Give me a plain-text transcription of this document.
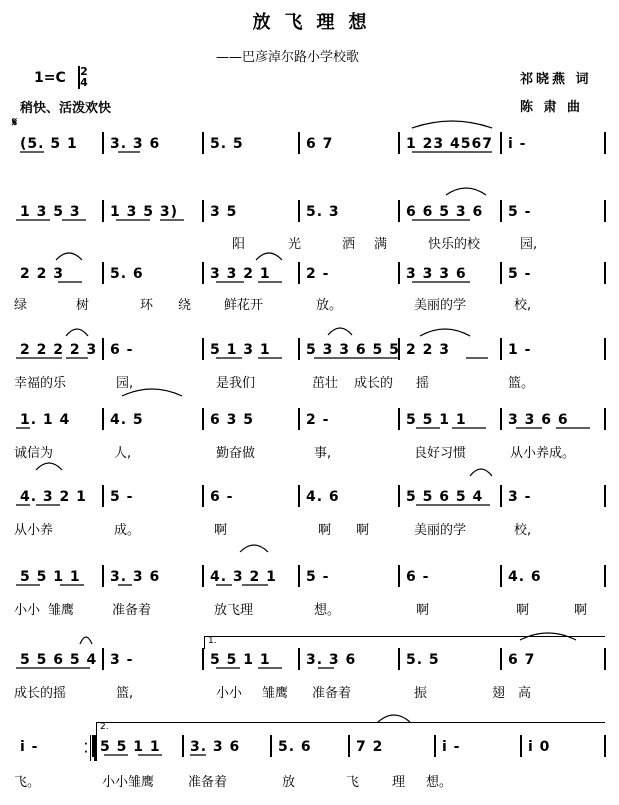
放飞理想
——巴彦淖尔路小学校歌
1=C 2
4
稍快、活泼欢快
祁晓燕 词
陈 肃 曲
𝄋
(5. 5 1 3. 3 6	5. 5	6 7	1 23 4567 i -
1 3 5 3 1 3 5 3) 3 5	5. 3	6 6 5 3 6 5 -
阳	光	洒 满	快乐的校	园,
2 2 3	5. 6	3 3 2 1	2 -	3 3 3 6	5 -
绿	树	环 绕	鲜花开	放。	美丽的学	校,
2 2 2 2 3 6 -	5 1 3 1	5 3 3 6 5 5 2 2 3	1 -
幸福的乐	园,	是我们	茁壮 成长的 摇	篮。
1. 1 4	4. 5	6 3 5	2 -	5 5 1 1	3 3 6 6
诚信为	人,	勤奋做	事,	良好习惯	从小养成。
4. 3 2 1 5 -	6 -	4. 6	5 5 6 5 4 3 -
从小养	成。	啊	啊 啊	美丽的学	校,
5 5 1 1 3. 3 6	4. 3 2 1 5 -	6 -	4. 6
小小 雏鹰	准备着	放飞理	想。	啊	啊	啊
5 5 6 5 4 3 -	5 5 1 1	3. 3 6	5. 5	6 7
成长的摇	篮,	小小 雏鹰 准备着	振	翅 高
i -	5 5 1 1 3. 3 6	5. 6	7 2	i -	i 0
飞。	小小雏鹰	准备着	放	飞	理 想。
·
·
1.
2.
